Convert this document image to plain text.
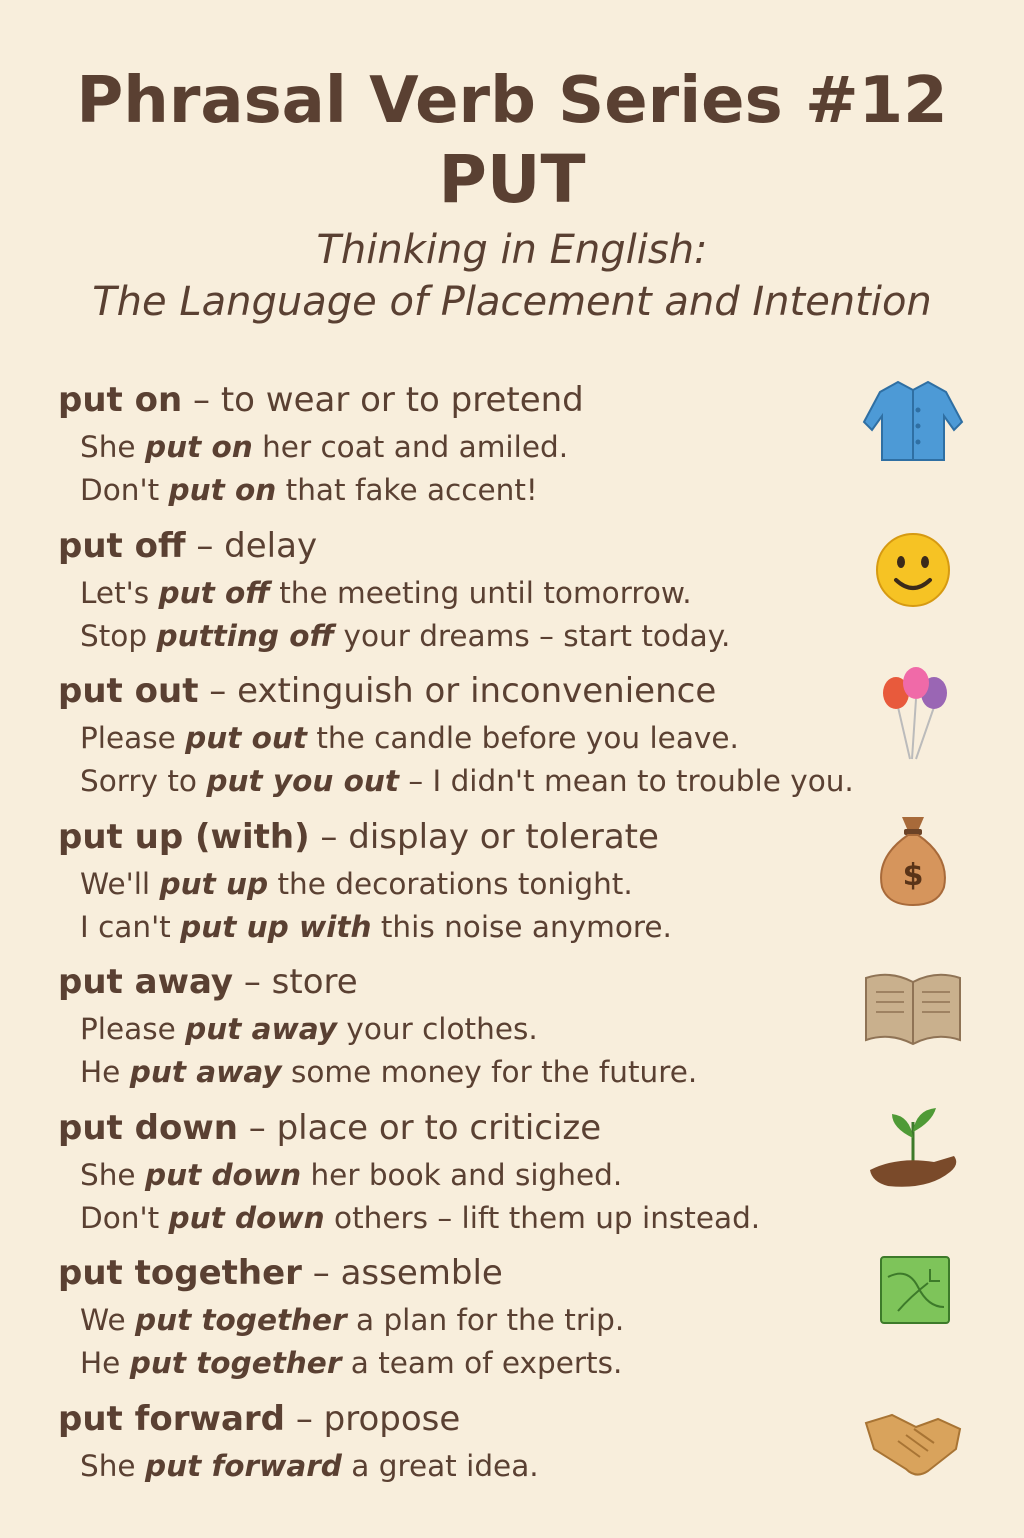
Phrasal Verb Series #12
PUT
Thinking in English:
The Language of Placement and Intention
put on – to wear or to pretend
She put on her coat and amiled.
Don't put on that fake accent!
put off – delay
Let's put off the meeting until tomorrow.
Stop putting off your dreams – start today.
put out – extinguish or inconvenience
Please put out the candle before you leave.
Sorry to put you out – I didn't mean to trouble you.
put up (with) – display or tolerate
We'll put up the decorations tonight.
I can't put up with this noise anymore.
$
put away – store
Please put away your clothes.
He put away some money for the future.
put down – place or to criticize
She put down her book and sighed.
Don't put down others – lift them up instead.
put together – assemble
We put together a plan for the trip.
He put together a team of experts.
put forward – propose
She put forward a great idea.
